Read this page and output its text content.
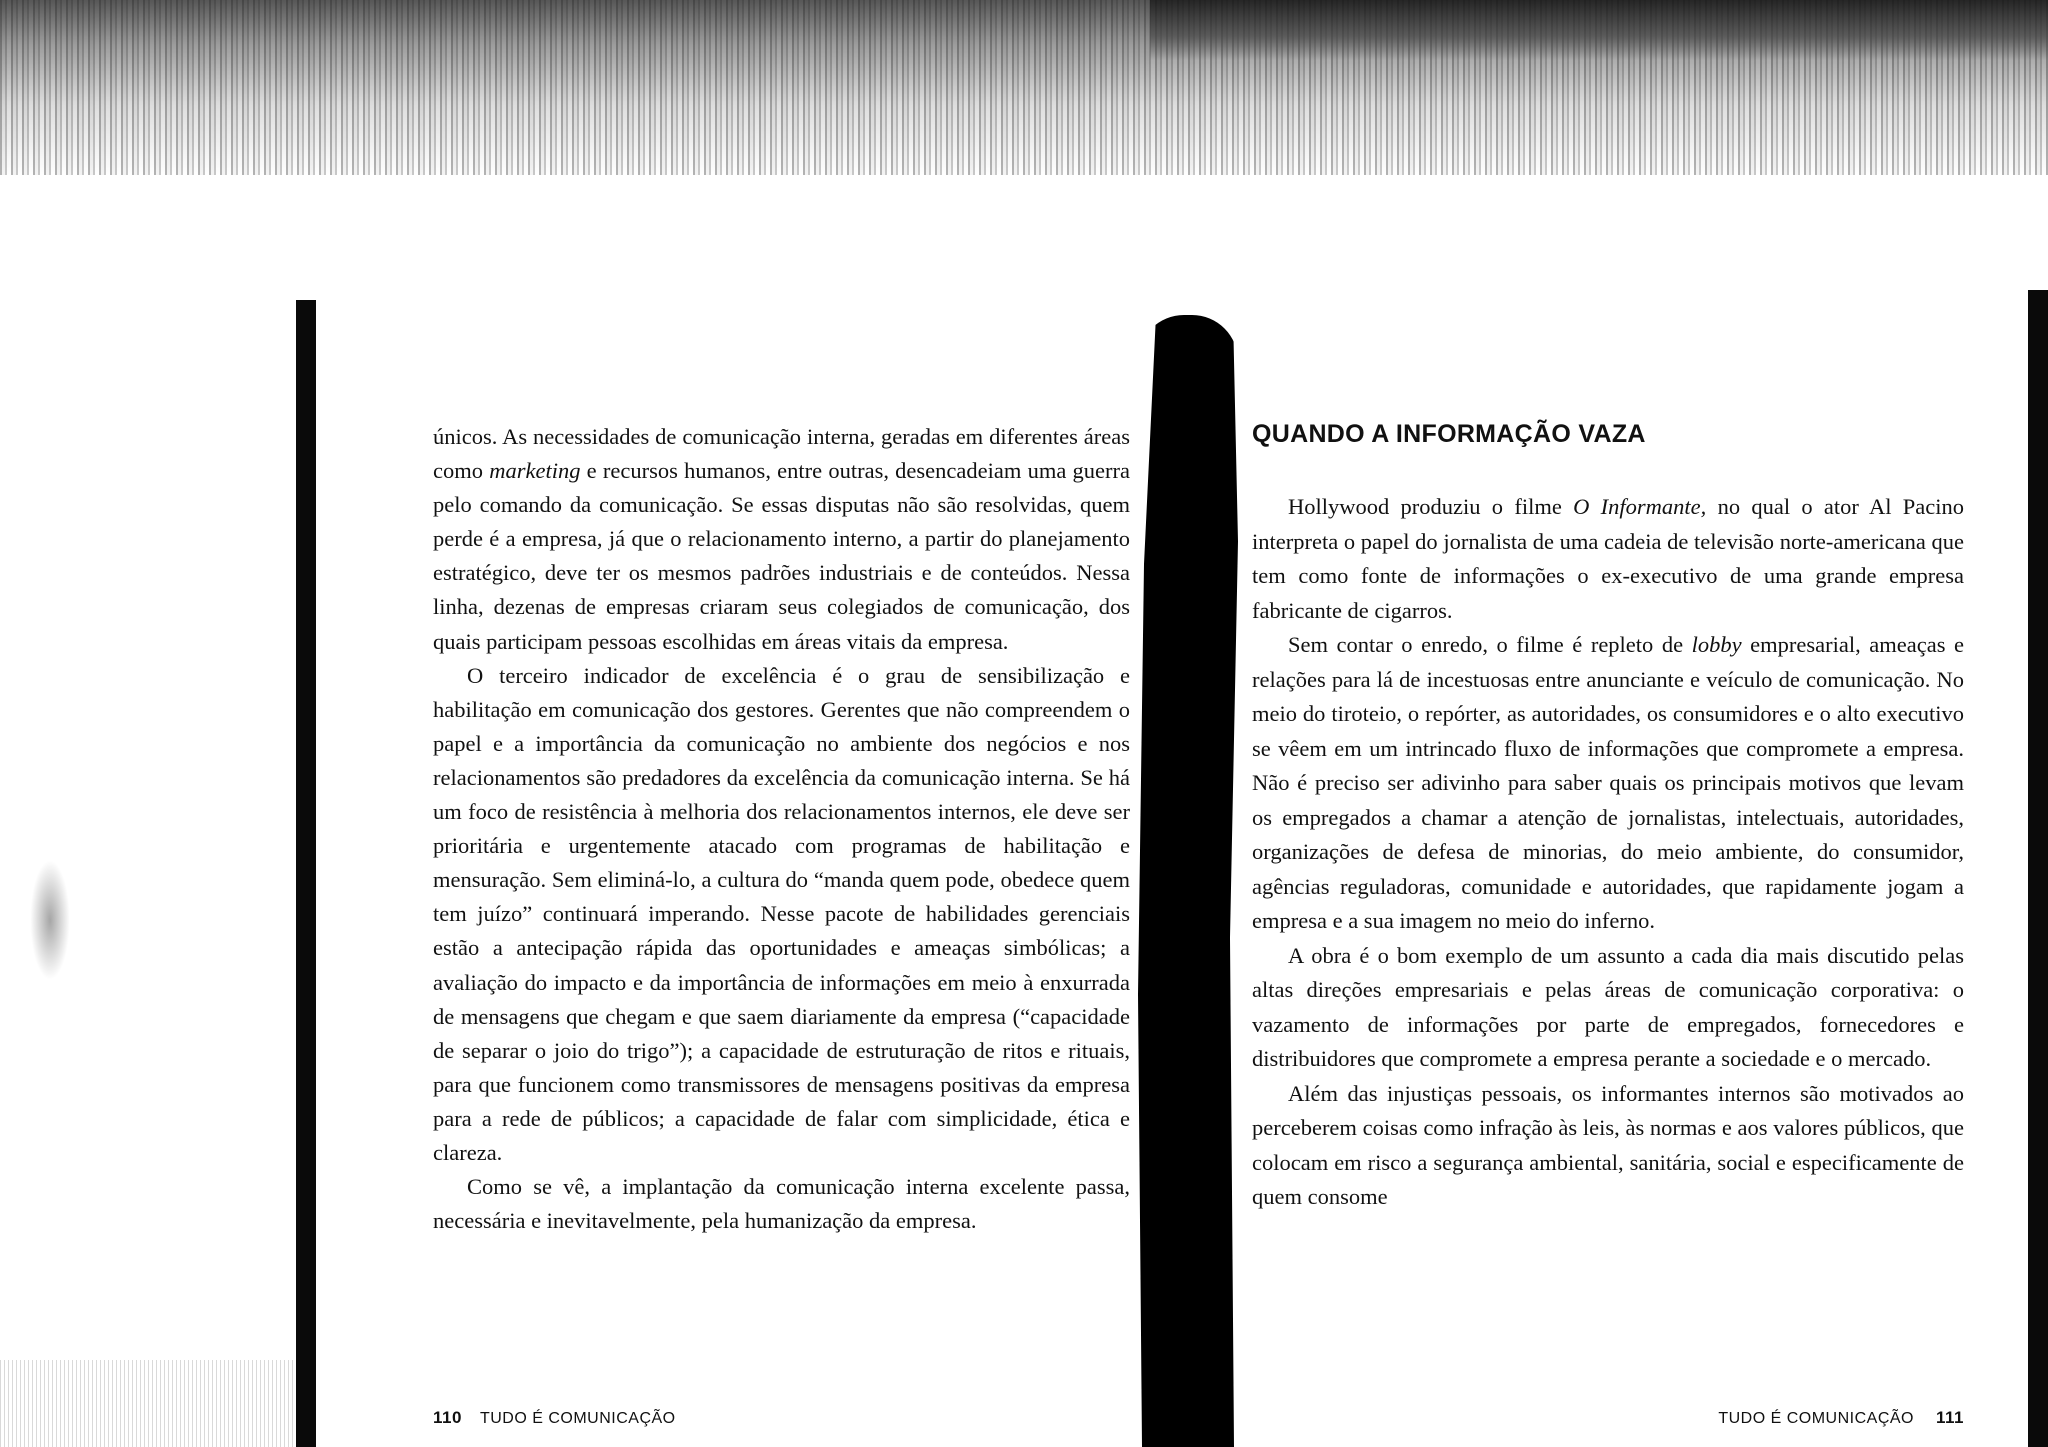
únicos. As necessidades de comunicação interna, geradas em diferentes áreas como marketing e recursos humanos, entre outras, desencadeiam uma guerra pelo comando da comunicação. Se essas disputas não são resolvidas, quem perde é a empresa, já que o relacionamento interno, a partir do planejamento estratégico, deve ter os mesmos padrões industriais e de conteúdos. Nessa linha, dezenas de empresas criaram seus colegiados de comunicação, dos quais participam pessoas escolhidas em áreas vitais da empresa.

O terceiro indicador de excelência é o grau de sensibilização e habilitação em comunicação dos gestores. Gerentes que não compreendem o papel e a importância da comunicação no ambiente dos negócios e nos relacionamentos são predadores da excelência da comunicação interna. Se há um foco de resistência à melhoria dos relacionamentos internos, ele deve ser prioritária e urgentemente atacado com programas de habilitação e mensuração. Sem eliminá-lo, a cultura do “manda quem pode, obedece quem tem juízo” continuará imperando. Nesse pacote de habilidades gerenciais estão a antecipação rápida das oportunidades e ameaças simbólicas; a avaliação do impacto e da importância de informações em meio à enxurrada de mensagens que chegam e que saem diariamente da empresa (“capacidade de separar o joio do trigo”); a capacidade de estruturação de ritos e rituais, para que funcionem como transmissores de mensagens positivas da empresa para a rede de públicos; a capacidade de falar com simplicidade, ética e clareza.

Como se vê, a implantação da comunicação interna excelente passa, necessária e inevitavelmente, pela humanização da empresa.

110 TUDO É COMUNICAÇÃO
QUANDO A INFORMAÇÃO VAZA

Hollywood produziu o filme O Informante, no qual o ator Al Pacino interpreta o papel do jornalista de uma cadeia de televisão norte-americana que tem como fonte de informações o ex-executivo de uma grande empresa fabricante de cigarros.

Sem contar o enredo, o filme é repleto de lobby empresarial, ameaças e relações para lá de incestuosas entre anunciante e veículo de comunicação. No meio do tiroteio, o repórter, as autoridades, os consumidores e o alto executivo se vêem em um intrincado fluxo de informações que compromete a empresa. Não é preciso ser adivinho para saber quais os principais motivos que levam os empregados a chamar a atenção de jornalistas, intelectuais, autoridades, organizações de defesa de minorias, do meio ambiente, do consumidor, agências reguladoras, comunidade e autoridades, que rapidamente jogam a empresa e a sua imagem no meio do inferno.

A obra é o bom exemplo de um assunto a cada dia mais discutido pelas altas direções empresariais e pelas áreas de comunicação corporativa: o vazamento de informações por parte de empregados, fornecedores e distribuidores que compromete a empresa perante a sociedade e o mercado.

Além das injustiças pessoais, os informantes internos são motivados ao perceberem coisas como infração às leis, às normas e aos valores públicos, que colocam em risco a segurança ambiental, sanitária, social e especificamente de quem consome

TUDO É COMUNICAÇÃO 111
